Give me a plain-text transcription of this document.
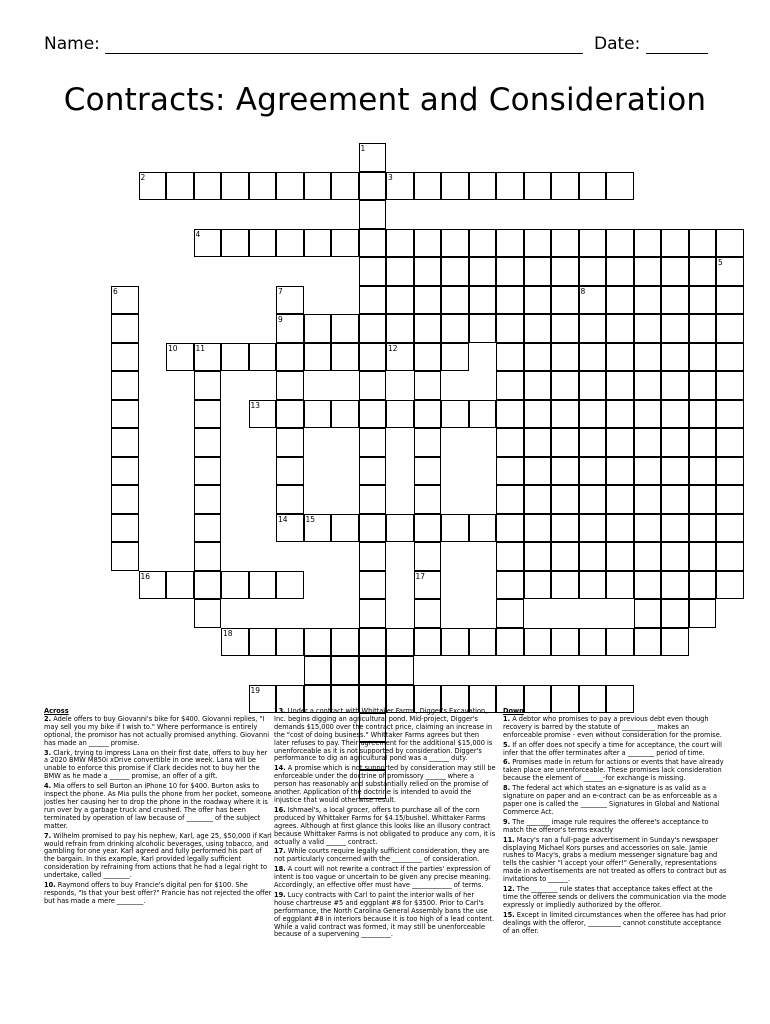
Name:	Date:
Contracts: Agreement and Consideration
1
2	3
4
5
6	7	8
9
10 11	12
13
14 15
16	17
18
19
Across
2. Adele offers to buy Giovanni's bike for $400. Giovanni replies, "I may sell you my bike if I wish to." Where performance is entirely optional, the promisor has not actually promised anything. Giovanni has made an ______ promise.
3. Clark, trying to impress Lana on their first date, offers to buy her a 2020 BMW M850i xDrive convertible in one week. Lana will be unable to enforce this promise if Clark decides not to buy her the BMW as he made a ______ promise, an offer of a gift.
4. Mia offers to sell Burton an iPhone 10 for $400. Burton asks to inspect the phone. As Mia pulls the phone from her pocket, someone jostles her causing her to drop the phone in the roadway where it is run over by a garbage truck and crushed. The offer has been terminated by operation of law because of ________ of the subject matter.
7. Wilhelm promised to pay his nephew, Karl, age 25, $50,000 if Karl would refrain from drinking alcoholic beverages, using tobacco, and gambling for one year. Karl agreed and fully performed his part of the bargain. In this example, Karl provided legally sufficient consideration by refraining from actions that he had a legal right to undertake, called ________.
10. Raymond offers to buy Francie's digital pen for $100. She responds, "Is that your best offer?" Francie has not rejected the offer but has made a mere ________.
13. Under a contract with Whittaker Farms, Digger's Excavation, Inc. begins digging an agricultural pond. Mid-project, Digger's demands $15,000 over the contract price, claiming an increase in the "cost of doing business." Whittaker Farms agrees but then later refuses to pay. Their agreement for the additional $15,000 is unenforceable as it is not supported by consideration. Digger's performance to dig an agricultural pond was a ______ duty.
14. A promise which is not supported by consideration may still be enforceable under the doctrine of promissory ______ where a person has reasonably and substantially relied on the promise of another. Application of the doctrine is intended to avoid the injustice that would otherwise result.
16. Ishmael's, a local grocer, offers to purchase all of the corn produced by Whittaker Farms for $4.15/bushel. Whittaker Farms agrees. Although at first glance this looks like an illusory contract because Whittaker Farms is not obligated to produce any corn, it is actually a valid ______ contract.
17. While courts require legally sufficient consideration, they are not particularly concerned with the _________ of consideration.
18. A court will not rewrite a contract if the parties' expression of intent is too vague or uncertain to be given any precise meaning. Accordingly, an effective offer must have ____________ of terms.
19. Lucy contracts with Carl to paint the interior walls of her house chartreuse #5 and eggplant #8 for $3500. Prior to Carl's performance, the North Carolina General Assembly bans the use of eggplant #8 in interiors because it is too high of a lead content. While a valid contract was formed, it may still be unenforceable because of a supervening _________.
Down
1. A debtor who promises to pay a previous debt even though recovery is barred by the statute of __________ makes an enforceable promise - even without consideration for the promise.
5. If an offer does not specify a time for acceptance, the court will infer that the offer terminates after a ________ period of time.
6. Promises made in return for actions or events that have already taken place are unenforceable. These promises lack consideration because the element of ______-for exchange is missing.
8. The federal act which states an e-signature is as valid as a signature on paper and an e-contract can be as enforceable as a paper one is called the ________ Signatures in Global and National Commerce Act.
9. The _______ image rule requires the offeree's acceptance to match the offeror's terms exactly
11. Macy's ran a full-page advertisement in Sunday's newspaper displaying Michael Kors purses and accessories on sale. Jamie rushes to Macy's, grabs a medium messenger signature bag and tells the cashier "I accept your offer!" Generally, representations made in advertisements are not treated as offers to contract but as invitations to ______.
12. The ________ rule states that acceptance takes effect at the time the offeree sends or delivers the communication via the mode expressly or impliedly authorized by the offeror.
15. Except in limited circumstances when the offeree has had prior dealings with the offeror, __________ cannot constitute acceptance of an offer.
